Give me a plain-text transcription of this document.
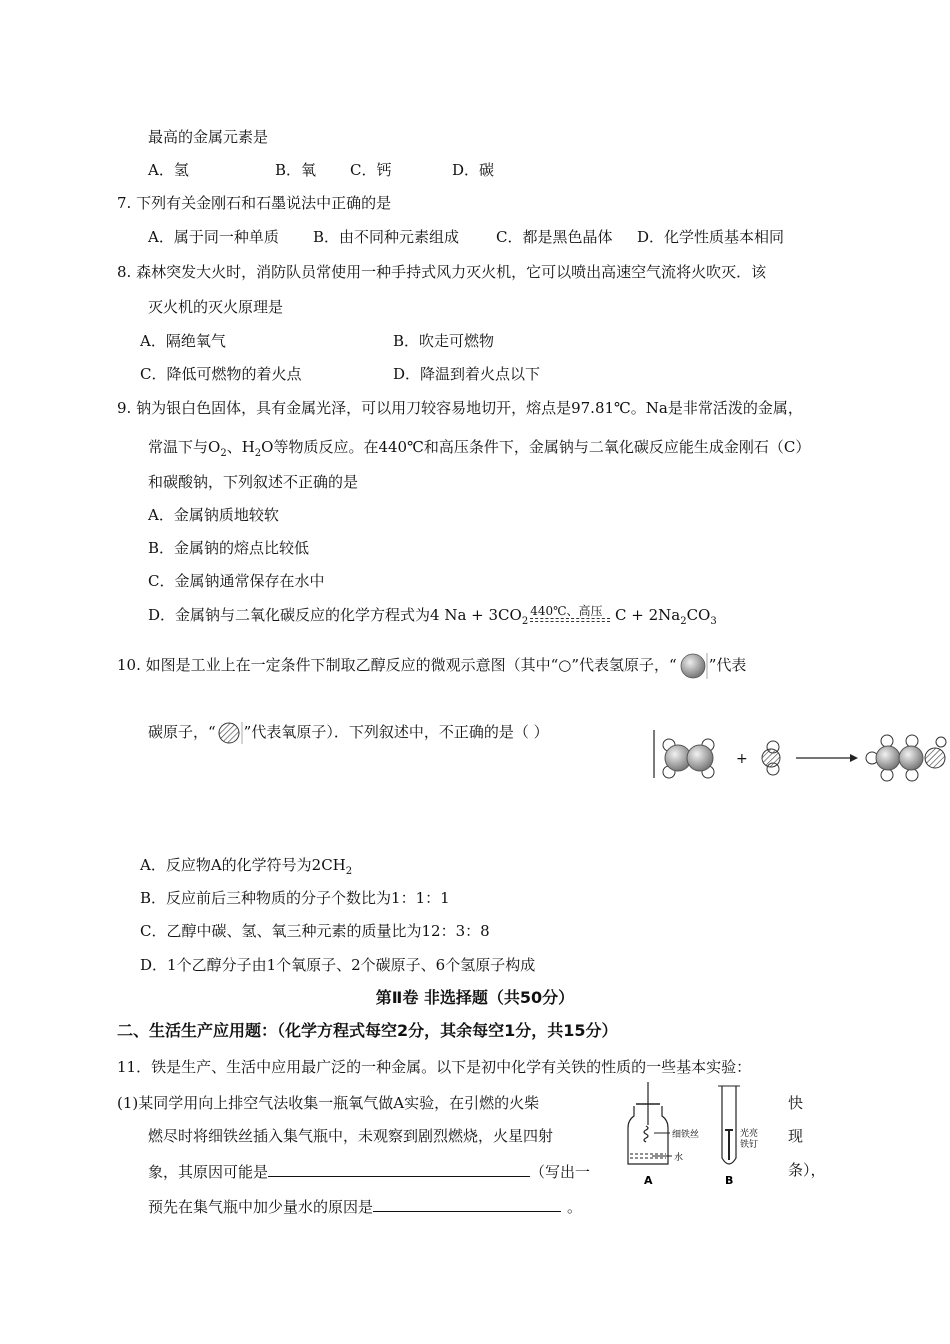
最高的金属元素是
A．氢	B．氧 C．钙	D．碳
7. 下列有关金刚石和石墨说法中正确的是
A．属于同一种单质 B．由不同种元素组成 C．都是黑色晶体 D．化学性质基本相同
8. 森林突发大火时，消防队员常使用一种手持式风力灭火机，它可以喷出高速空气流将火吹灭．该
灭火机的灭火原理是
A．隔绝氧气	B．吹走可燃物
C．降低可燃物的着火点	D．降温到着火点以下
9. 钠为银白色固体，具有金属光泽，可以用刀较容易地切开，熔点是97.81℃。Na是非常活泼的金属，
常温下与$O_2$、$H_2O$等物质反应。在440℃和高压条件下，金属钠与二氧化碳反应能生成金刚石（C）
和碳酸钠，下列叙述不正确的是
A．金属钠质地较软
B．金属钠的熔点比较低
C．金属钠通常保存在水中
D．金属钠与二氧化碳反应的化学方程式为4 $Na + 3CO_2$
440℃、高压 $C + 2Na_2CO_3$
10. 如图是工业上在一定条件下制取乙醇反应的微观示意图（其中“○”代表氢原子，“ ”代表
碳原子，“ ”代表氧原子）．下列叙述中，不正确的是（ ）
+
A．反应物A的化学符号为$2CH_2$
B．反应前后三种物质的分子个数比为1：1：1
C．乙醇中碳、氢、氧三种元素的质量比为12：3：8
D．1个乙醇分子由1个氧原子、2个碳原子、6个氢原子构成
第Ⅱ卷 非选择题（共50分）
二、生活生产应用题：（化学方程式每空2分，其余每空1分，共15分）
11．铁是生产、生活中应用最广泛的一种金属。以下是初中化学有关铁的性质的一些基本实验：
(1)某同学用向上排空气法收集一瓶氧气做A实验，在引燃的火柴	快
燃尽时将细铁丝插入集气瓶中，未观察到剧烈燃烧，火星四射	现
象，其原因可能是	（写出一	条），
预先在集气瓶中加少量水的原因是	。
细铁丝
水
A
光亮
铁钉
B
